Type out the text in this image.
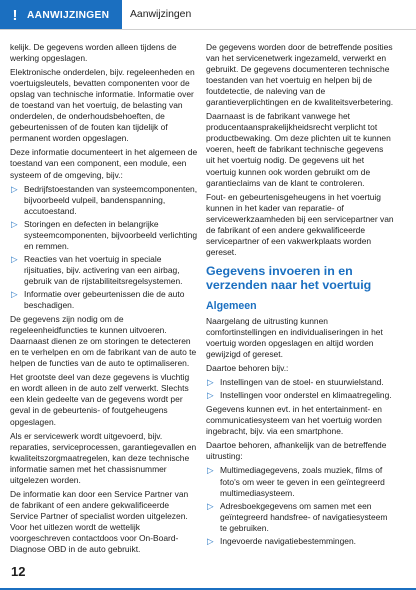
! AANWIJZINGEN Aanwijzingen

kelijk. De gegevens worden alleen tijdens de werking opgeslagen.

Elektronische onderdelen, bijv. regeleenheden en voertuigsleutels, bevatten componenten voor de opslag van technische informatie. Informatie over de toestand van het voertuig, de belasting van onderdelen, de onderhoudsbehoeften, de gebeurtenissen of de fouten kan tijdelijk of permanent worden opgeslagen.

Deze informatie documenteert in het algemeen de toestand van een component, een module, een systeem of de omgeving, bijv.:

▷ Bedrijfstoestanden van systeemcomponenten, bijvoorbeeld vulpeil, bandenspanning, accutoestand.
▷ Storingen en defecten in belangrijke systeemcomponenten, bijvoorbeeld verlichting en remmen.
▷ Reacties van het voertuig in speciale rijsituaties, bijv. activering van een airbag, gebruik van de rijstabiliteitsregelsystemen.
▷ Informatie over gebeurtenissen die de auto beschadigen.

De gegevens zijn nodig om de regeleenheidfuncties te kunnen uitvoeren. Daarnaast dienen ze om storingen te detecteren en te verhelpen en om de fabrikant van de auto te helpen de functies van de auto te optimaliseren.

Het grootste deel van deze gegevens is vluchtig en wordt alleen in de auto zelf verwerkt. Slechts een klein gedeelte van de gegevens wordt per geval in de gebeurtenis- of foutgeheugens opgeslagen.

Als er servicewerk wordt uitgevoerd, bijv. reparaties, serviceprocessen, garantiegevallen en kwaliteitszorgmaatregelen, kan deze technische informatie samen met het chassisnummer uitgelezen worden.

De informatie kan door een Service Partner van de fabrikant of een andere gekwalificeerde Service Partner of specialist worden uitgelezen. Voor het uitlezen wordt de wettelijk voorgeschreven contactdoos voor On-Board-Diagnose OBD in de auto gebruikt.

De gegevens worden door de betreffende posities van het servicenetwerk ingezameld, verwerkt en gebruikt. De gegevens documenteren technische toestanden van het voertuig en helpen bij de foutdetectie, de naleving van de garantieverplichtingen en de kwaliteitsverbetering.

Daarnaast is de fabrikant vanwege het producentaansprakelijkheidsrecht verplicht tot productbewaking. Om deze plichten uit te kunnen voeren, heeft de fabrikant technische gegevens uit het voertuig nodig. De gegevens uit het voertuig kunnen ook worden gebruikt om de garantieclaims van de klant te controleren.

Fout- en gebeurtenisgeheugens in het voertuig kunnen in het kader van reparatie- of servicewerkzaamheden bij een servicepartner van de fabrikant of een andere gekwalificeerde servicepartner of een vakwerkplaats worden gereset.

Gegevens invoeren in en verzenden naar het voertuig
Algemeen

Naargelang de uitrusting kunnen comfortinstellingen en individualiseringen in het voertuig worden opgeslagen en altijd worden gewijzigd of gereset.

Daartoe behoren bijv.:

▷ Instellingen van de stoel- en stuurwielstand.
▷ Instellingen voor onderstel en klimaatregeling.

Gegevens kunnen evt. in het entertainment- en communicatiesysteem van het voertuig worden ingebracht, bijv. via een smartphone.

Daartoe behoren, afhankelijk van de betreffende uitrusting:

▷ Multimediagegevens, zoals muziek, films of foto's om weer te geven in een geïntegreerd multimediasysteem.
▷ Adresboekgegevens om samen met een geïntegreerd handsfree- of navigatiesysteem te gebruiken.
▷ Ingevoerde navigatiebestemmingen.
12
